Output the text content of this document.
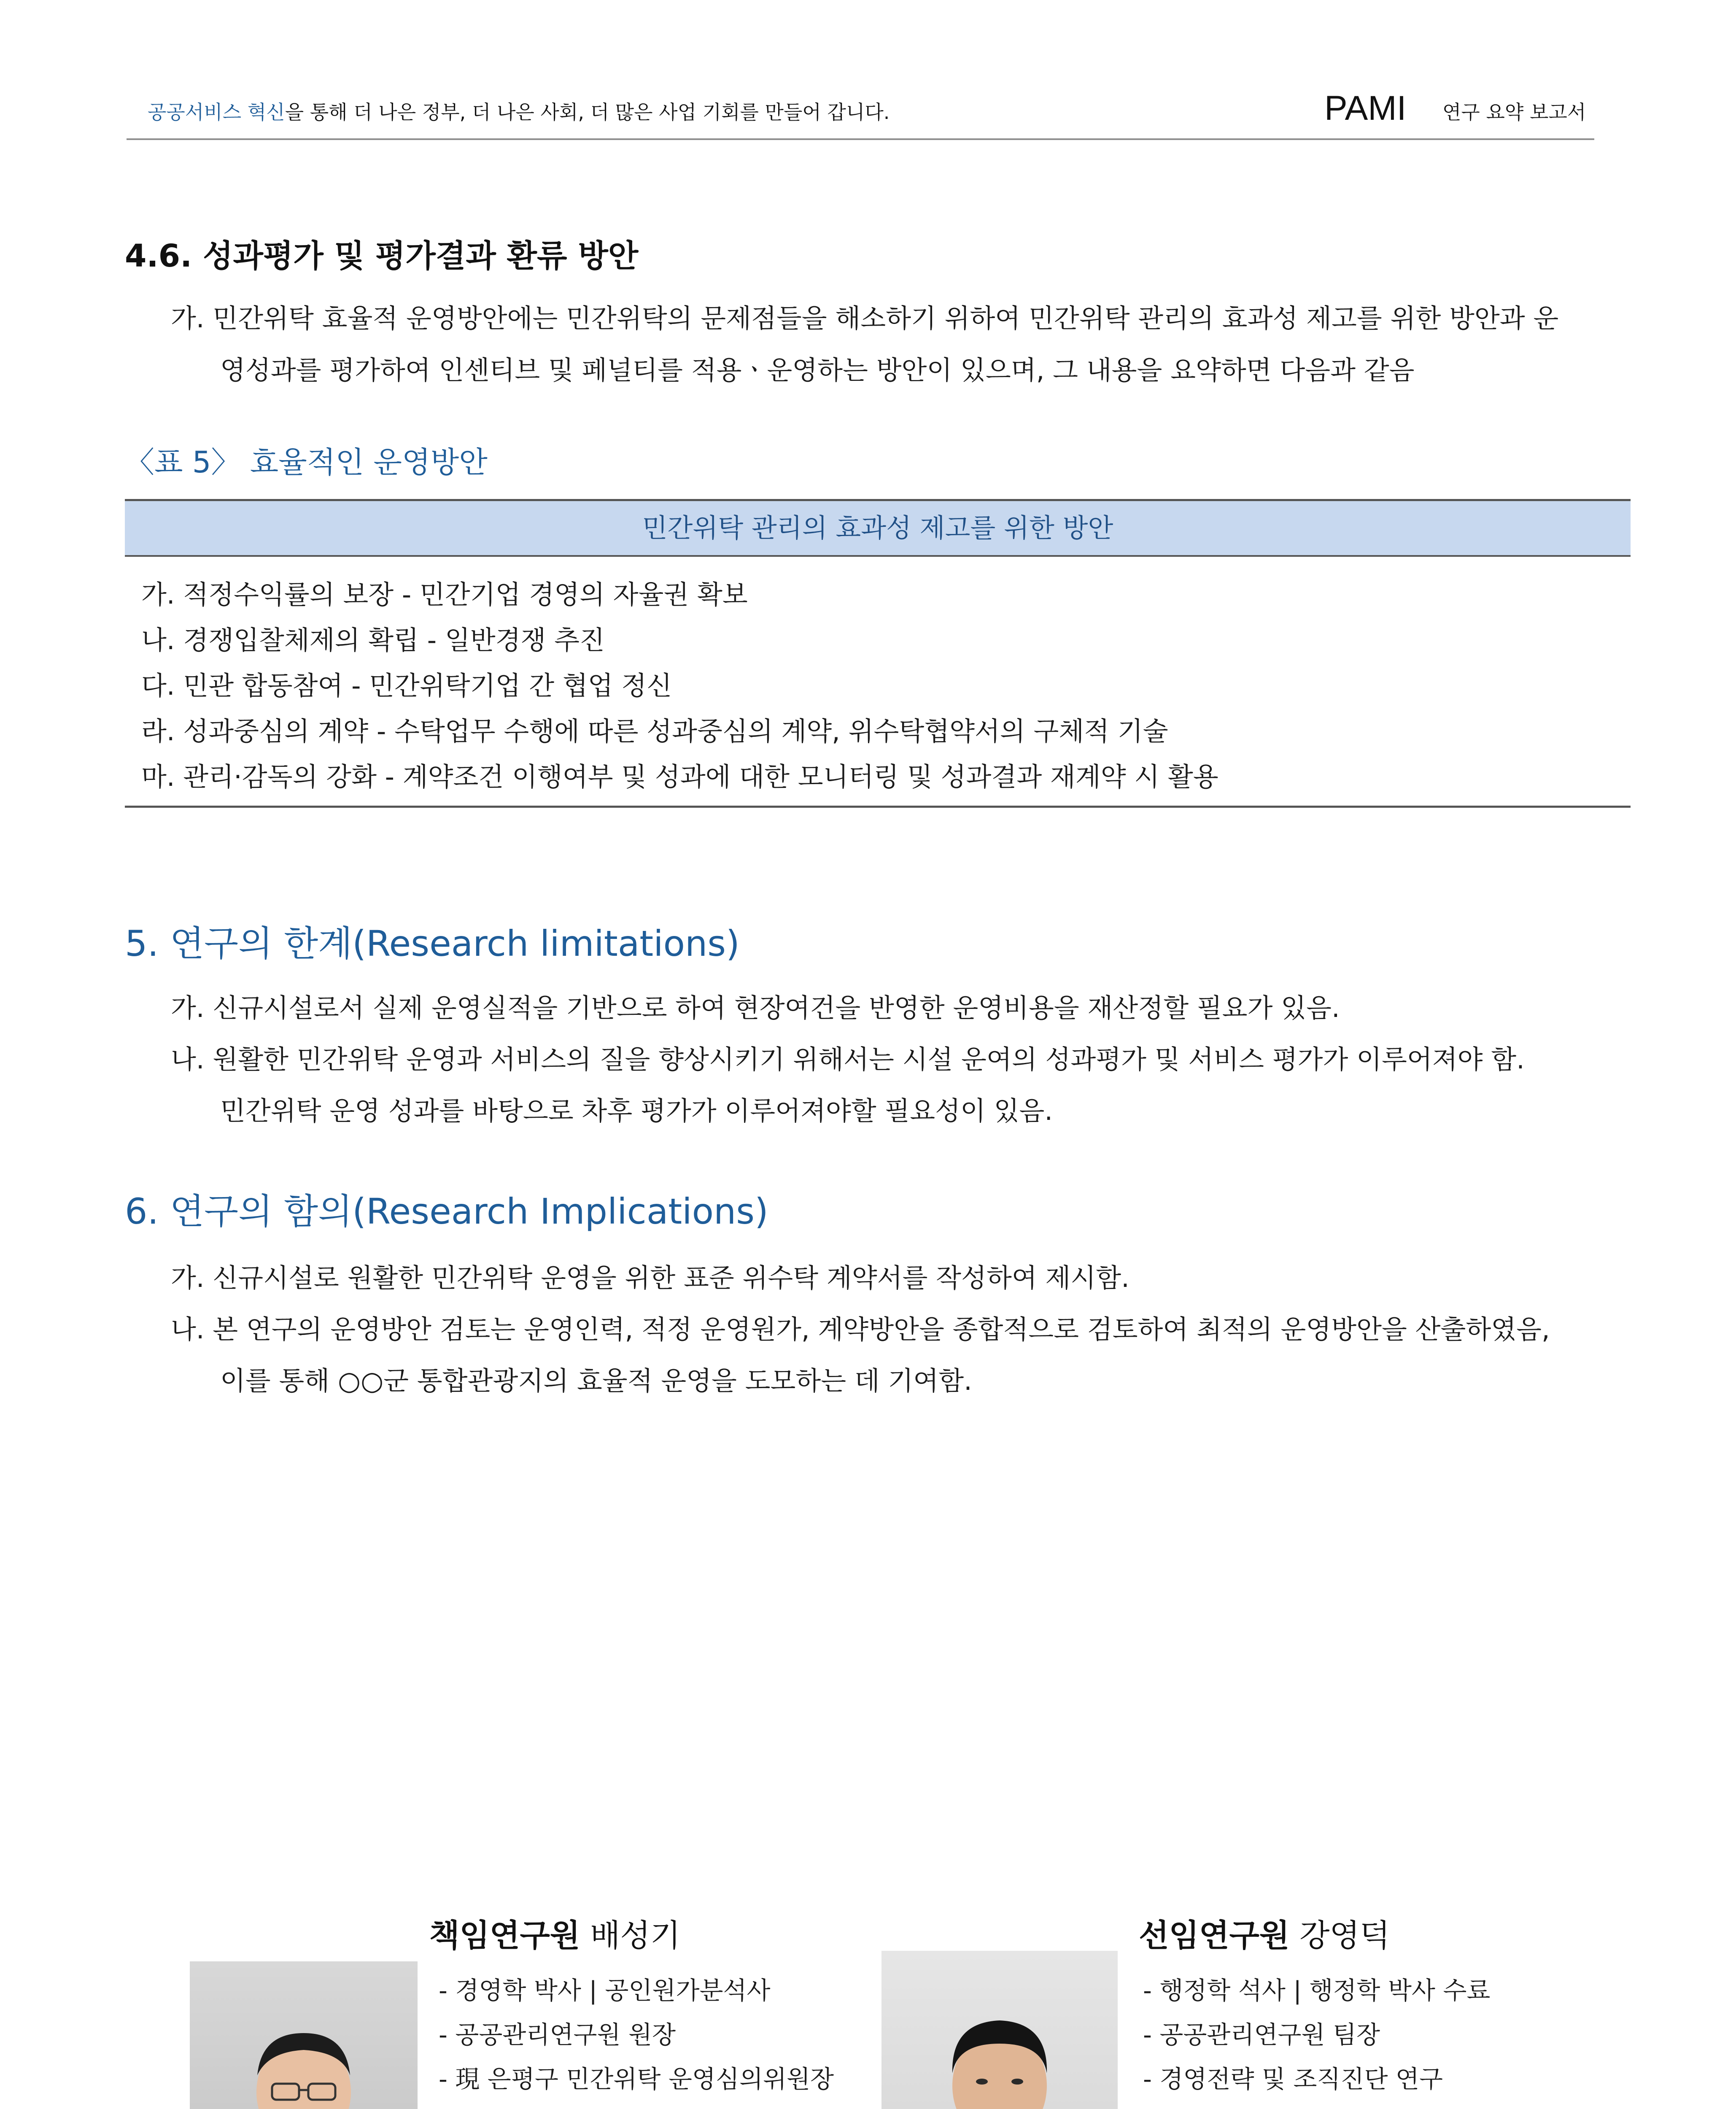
공공서비스 혁신을 통해 더 나은 정부, 더 나은 사회, 더 많은 사업 기회를 만들어 갑니다.	PAMI 연구 요약 보고서
4.6. 성과평가 및 평가결과 환류 방안
가. 민간위탁 효율적 운영방안에는 민간위탁의 문제점들을 해소하기 위하여 민간위탁 관리의 효과성 제고를 위한 방안과 운
영성과를 평가하여 인센티브 및 페널티를 적용ㆍ운영하는 방안이 있으며, 그 내용을 요약하면 다음과 같음
〈표 5〉 효율적인 운영방안
민간위탁 관리의 효과성 제고를 위한 방안
가. 적정수익률의 보장 - 민간기업 경영의 자율권 확보
나. 경쟁입찰체제의 확립 - 일반경쟁 추진
다. 민관 합동참여 - 민간위탁기업 간 협업 정신
라. 성과중심의 계약 - 수탁업무 수행에 따른 성과중심의 계약, 위수탁협약서의 구체적 기술
마. 관리·감독의 강화 - 계약조건 이행여부 및 성과에 대한 모니터링 및 성과결과 재계약 시 활용
5. 연구의 한계(Research limitations)
가. 신규시설로서 실제 운영실적을 기반으로 하여 현장여건을 반영한 운영비용을 재산정할 필요가 있음.
나. 원활한 민간위탁 운영과 서비스의 질을 향상시키기 위해서는 시설 운여의 성과평가 및 서비스 평가가 이루어져야 함.
민간위탁 운영 성과를 바탕으로 차후 평가가 이루어져야할 필요성이 있음.
6. 연구의 함의(Research Implications)
가. 신규시설로 원활한 민간위탁 운영을 위한 표준 위수탁 계약서를 작성하여 제시함.
나. 본 연구의 운영방안 검토는 운영인력, 적정 운영원가, 계약방안을 종합적으로 검토하여 최적의 운영방안을 산출하였음,
이를 통해 ○○군 통합관광지의 효율적 운영을 도모하는 데 기여함.
책임연구원 배성기
- 경영학 박사 | 공인원가분석사
- 공공관리연구원 원장
- 現 은평구 민간위탁 운영심의위원장
선임연구원 강영덕
- 행정학 석사 | 행정학 박사 수료
- 공공관리연구원 팀장
- 경영전략 및 조직진단 연구
